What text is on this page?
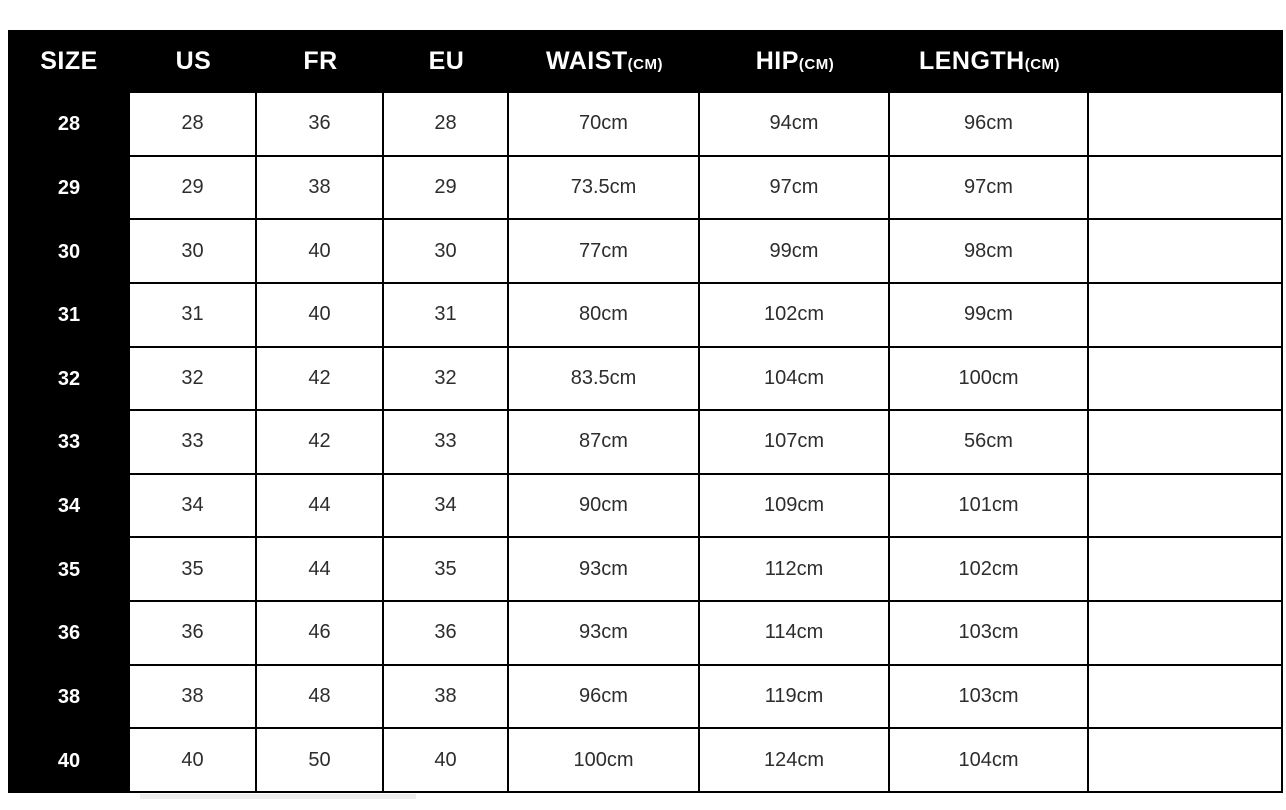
SIZE	US	FR	EU	WAIST(CM)	HIP(CM)	LENGTH(CM)
28	28	36	28	70cm	94cm	96cm
29	29	38	29	73.5cm	97cm	97cm
30	30	40	30	77cm	99cm	98cm
31	31	40	31	80cm	102cm	99cm
32	32	42	32	83.5cm	104cm	100cm
33	33	42	33	87cm	107cm	56cm
34	34	44	34	90cm	109cm	101cm
35	35	44	35	93cm	112cm	102cm
36	36	46	36	93cm	114cm	103cm
38	38	48	38	96cm	119cm	103cm
40	40	50	40	100cm	124cm	104cm
